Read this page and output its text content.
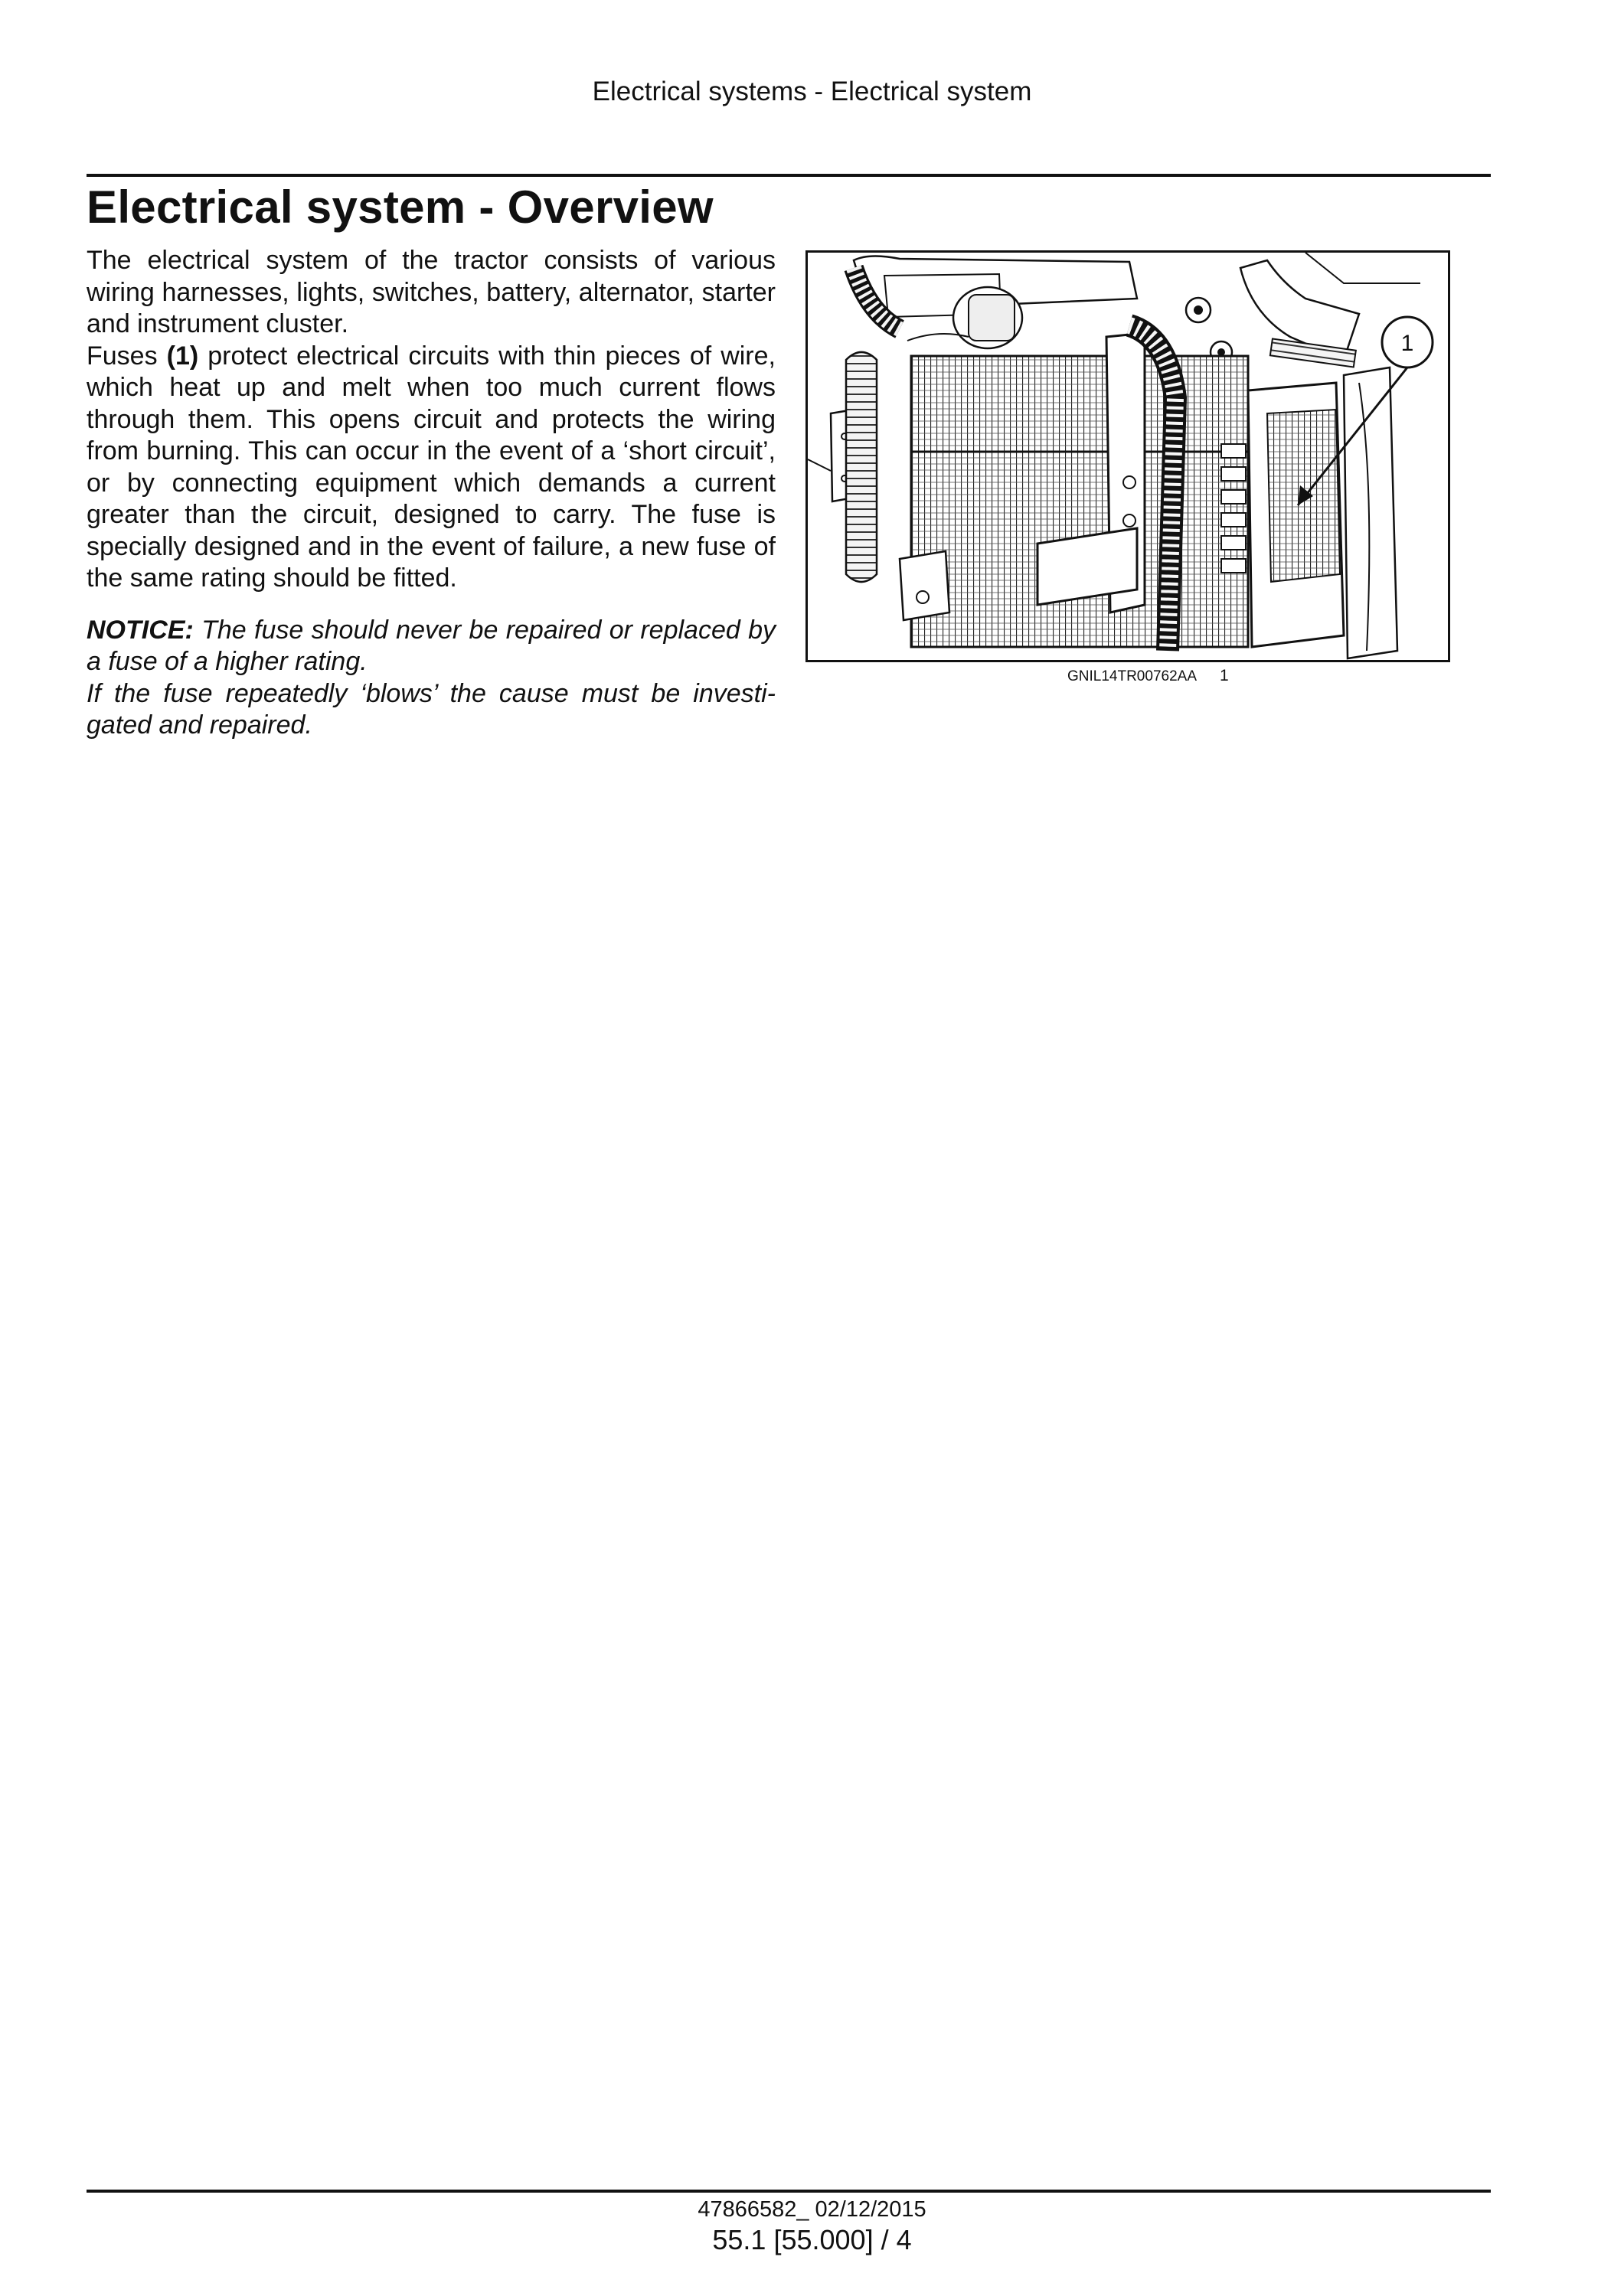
Electrical systems - Electrical system
Electrical system - Overview

The electrical system of the tractor consists of various wiring harnesses, lights, switches, battery, alternator, starter and instrument cluster.

Fuses (1) protect electrical circuits with thin pieces of wire, which heat up and melt when too much current flows through them. This opens circuit and protects the wiring from burning. This can occur in the event of a ‘short circuit’, or by connecting equipment which demands a current greater than the circuit, designed to carry. The fuse is specially designed and in the event of failure, a new fuse of the same rating should be fitted.

NOTICE: The fuse should never be repaired or replaced by a fuse of a higher rating.
If the fuse repeatedly ‘blows’ the cause must be investigated and repaired.

1
GNIL14TR00762AA 1
47866582_ 02/12/2015
55.1 [55.000] / 4
